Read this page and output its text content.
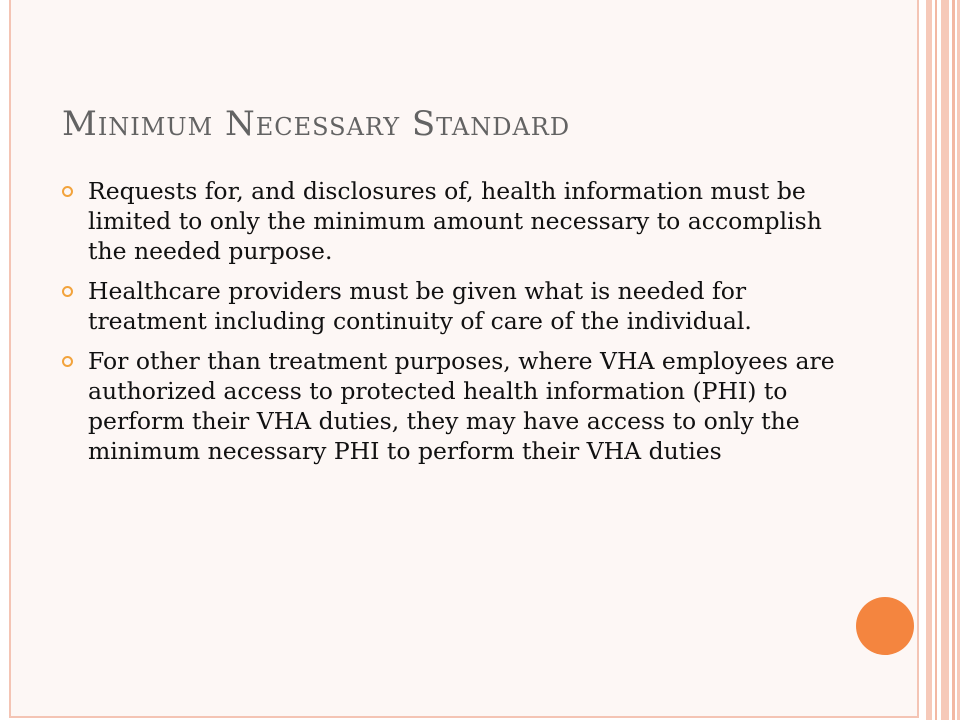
Minimum Necessary Standard
Requests for, and disclosures of, health information must be limited to only the minimum amount necessary to accomplish the needed purpose.
Healthcare providers must be given what is needed for treatment including continuity of care of the individual.
For other than treatment purposes, where VHA employees are authorized access to protected health information (PHI) to perform their VHA duties, they may have access to only the minimum necessary PHI to perform their VHA duties
